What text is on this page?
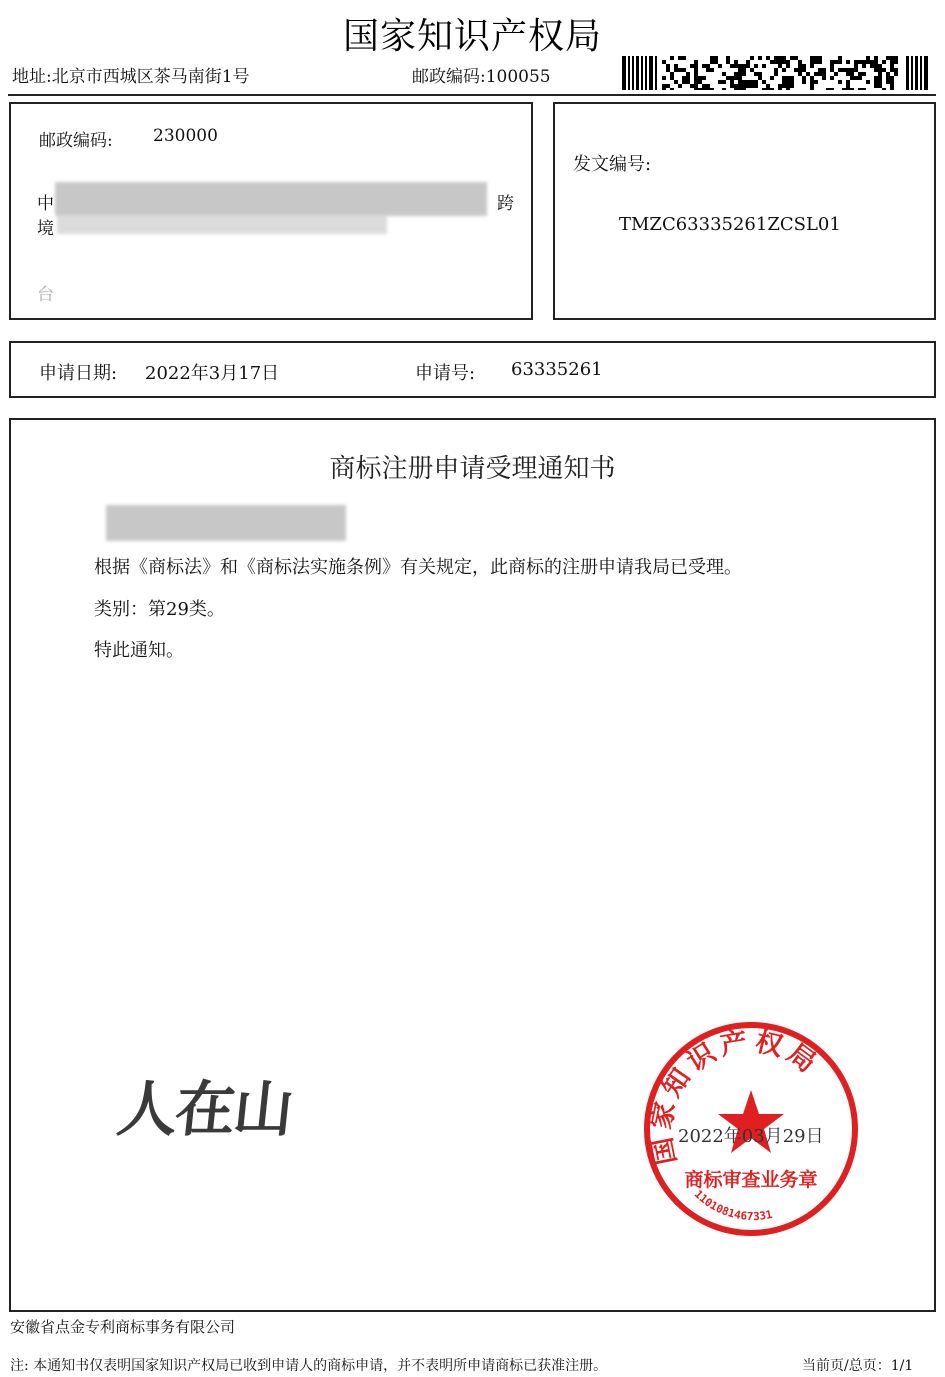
国家知识产权局
地址:北京市西城区茶马南街1号	邮政编码:100055
邮政编码: 230000
中	跨
境
台
发文编号:
TMZC63335261ZCSL01
申请日期: 2022年3月17日	申请号: 63335261
商标注册申请受理通知书
根据《商标法》和《商标法实施条例》有关规定，此商标的注册申请我局已受理。
类别：第29类。
特此通知。
人在山
国家知识产权局
商标审查业务章
1101081467331
2022年03月29日
安徽省点金专利商标事务有限公司
注: 本通知书仅表明国家知识产权局已收到申请人的商标申请，并不表明所申请商标已获准注册。	当前页/总页：1/1
